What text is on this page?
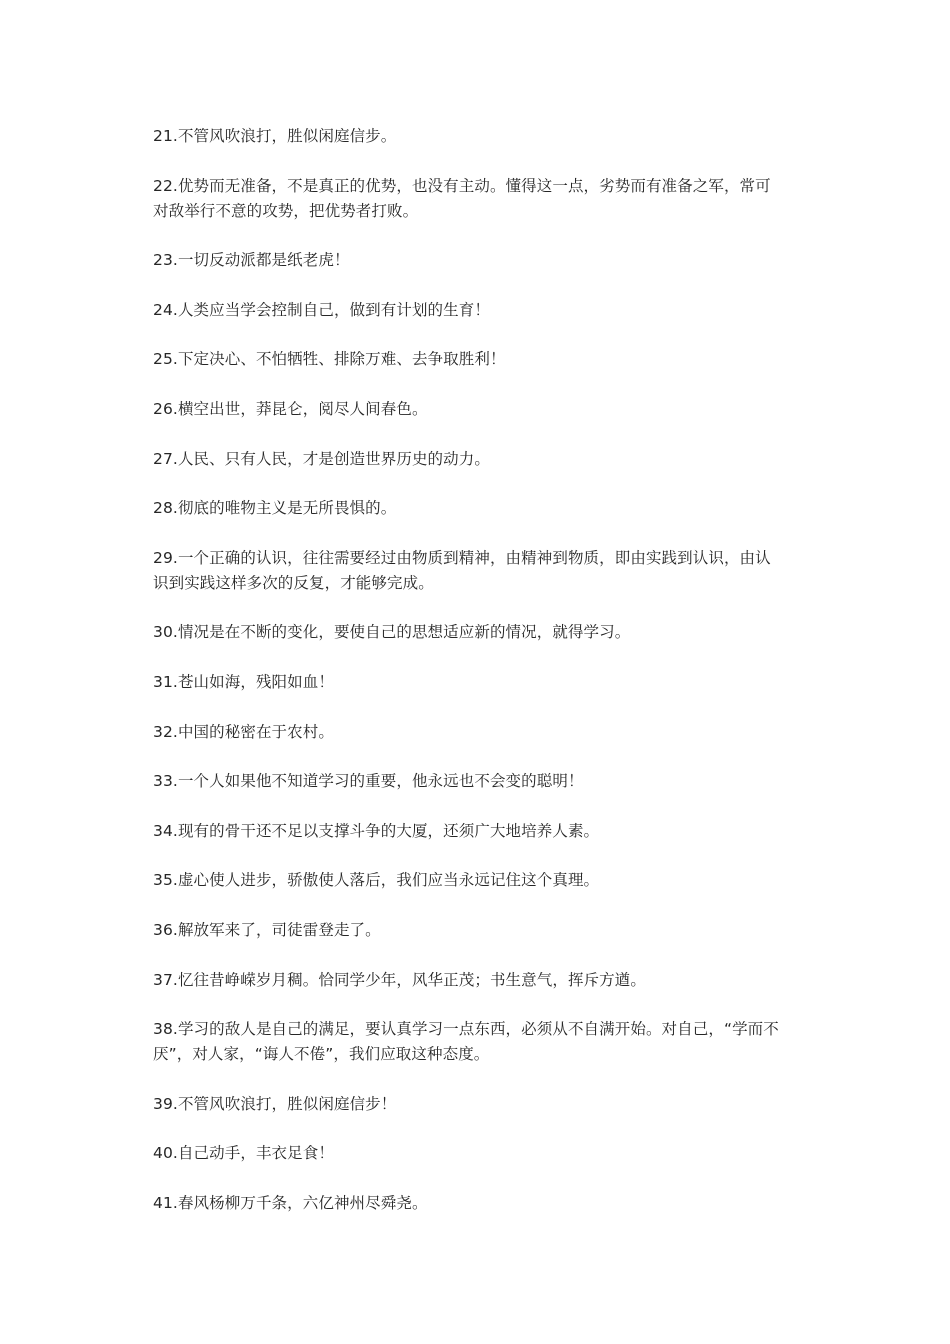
21.不管风吹浪打，胜似闲庭信步。

22.优势而无准备，不是真正的优势，也没有主动。懂得这一点，劣势而有准备之军，常可对敌举行不意的攻势，把优势者打败。

23.一切反动派都是纸老虎！

24.人类应当学会控制自己，做到有计划的生育！

25.下定决心、不怕牺牲、排除万难、去争取胜利！

26.横空出世，莽昆仑，阅尽人间春色。

27.人民、只有人民，才是创造世界历史的动力。

28.彻底的唯物主义是无所畏惧的。

29.一个正确的认识，往往需要经过由物质到精神，由精神到物质，即由实践到认识，由认识到实践这样多次的反复，才能够完成。

30.情况是在不断的变化，要使自己的思想适应新的情况，就得学习。

31.苍山如海，残阳如血！

32.中国的秘密在于农村。

33.一个人如果他不知道学习的重要，他永远也不会变的聪明！

34.现有的骨干还不足以支撑斗争的大厦，还须广大地培养人素。

35.虚心使人进步，骄傲使人落后，我们应当永远记住这个真理。

36.解放军来了，司徒雷登走了。

37.忆往昔峥嵘岁月稠。恰同学少年，风华正茂；书生意气，挥斥方遒。

38.学习的敌人是自己的满足，要认真学习一点东西，必须从不自满开始。对自己，“学而不厌”，对人家，“诲人不倦”，我们应取这种态度。

39.不管风吹浪打，胜似闲庭信步！

40.自己动手，丰衣足食！

41.春风杨柳万千条，六亿神州尽舜尧。
